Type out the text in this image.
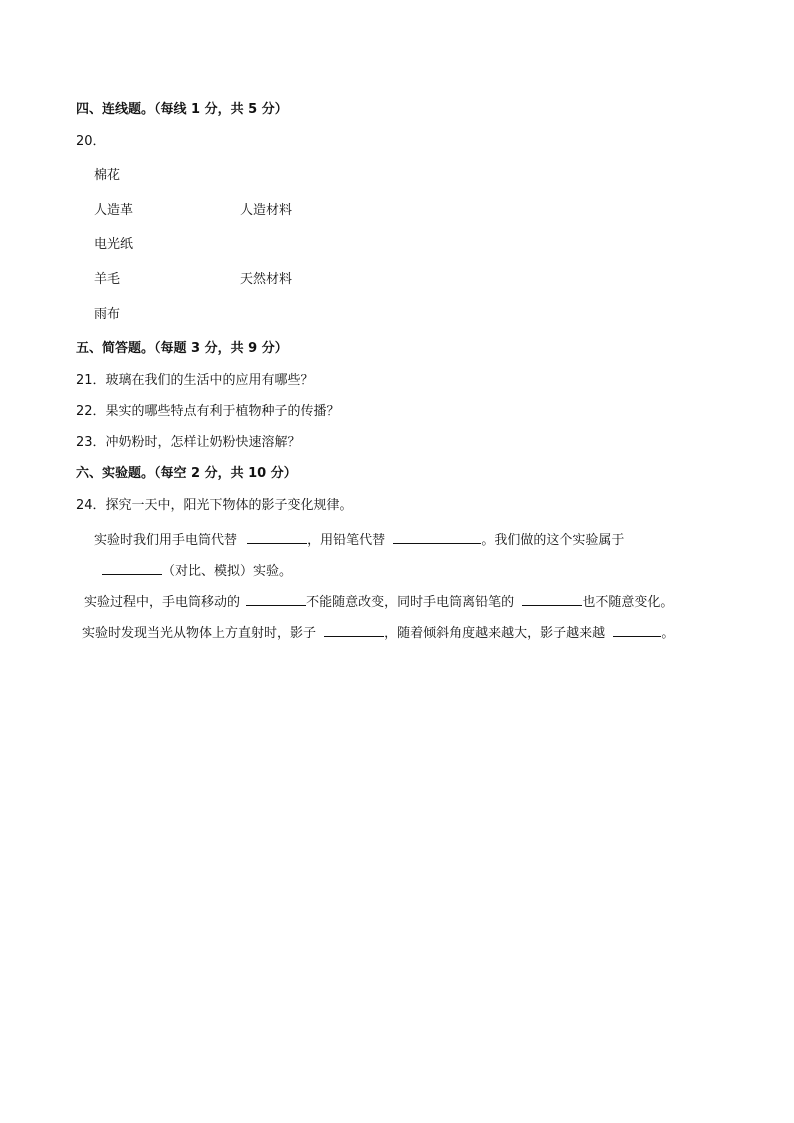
四、连线题。（每线 1 分，共 5 分）
20．
棉花
人造革
电光纸
羊毛
雨布
人造材料
天然材料
五、简答题。（每题 3 分，共 9 分）
21．玻璃在我们的生活中的应用有哪些？
22．果实的哪些特点有利于植物种子的传播？
23．冲奶粉时，怎样让奶粉快速溶解？
六、实验题。（每空 2 分，共 10 分）
24．探究一天中，阳光下物体的影子变化规律。
实验时我们用手电筒代替	，用铅笔代替	。我们做的这个实验属于
（对比、模拟）实验。
实验过程中，手电筒移动的	不能随意改变，同时手电筒离铅笔的	也不随意变化。
实验时发现当光从物体上方直射时，影子	，随着倾斜角度越来越大，影子越来越	。
